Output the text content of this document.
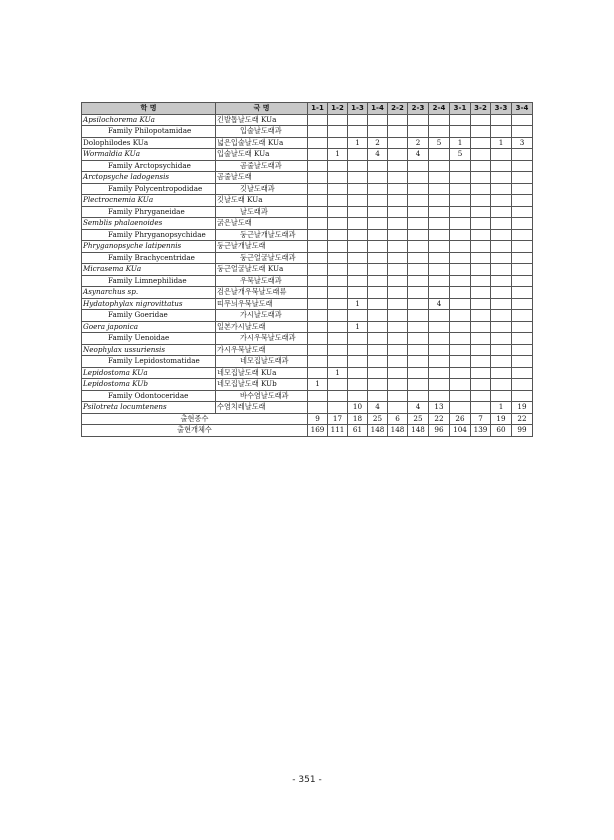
학 명	국 명	1-1	1-2	1-3	1-4	2-2	2-3	2-4	3-1	3-2	3-3	3-4
Apsilochorema KUa	긴발톱날도래 KUa											
Family Philopotamidae	입술날도래과											
Dolophilodes KUa	넓은입술날도래 KUa			1	2		2	5	1		1	3
Wormaldia KUa	입술날도래 KUa		1		4		4		5			
Family Arctopsychidae	곰줄날도래과											
Arctopsyche ladogensis	곰줄날도래											
Family Polycentropodidae	깃날도래과											
Plectrocnemia KUa	깃날도래 KUa											
Family Phryganeidae	날도래과											
Semblis phalaenoides	굵은날도래											
Family Phryganopsychidae	둥근날개날도래과											
Phryganopsyche latipennis	둥근날개날도래											
Family Brachycentridae	둥근얼굴날도래과											
Micrasema KUa	둥근얼굴날도래 KUa											
Family Limnephilidae	우묵날도래과											
Asynarchus sp.	검은날개우묵날도래류											
Hydatophylax nigrovittatus	띠무늬우묵날도래			1				4				
Family Goeridae	가시날도래과											
Goera japonica	일본가시날도래			1								
Family Uenoidae	가시우묵날도래과											
Neophylax ussuriensis	가시우묵날도래											
Family Lepidostomatidae	네모집날도래과											
Lepidostoma KUa	네모집날도래 KUa		1									
Lepidostoma KUb	네모집날도래 KUb	1										
Family Odontoceridae	바수염날도래과											
Psilotreta locumtenens	수염치레날도래			10	4		4	13			1	19
출현종수		9	17	18	25	6	25	22	26	7	19	22
출현개체수		169	111	61	148	148	148	96	104	139	60	99
- 351 -
